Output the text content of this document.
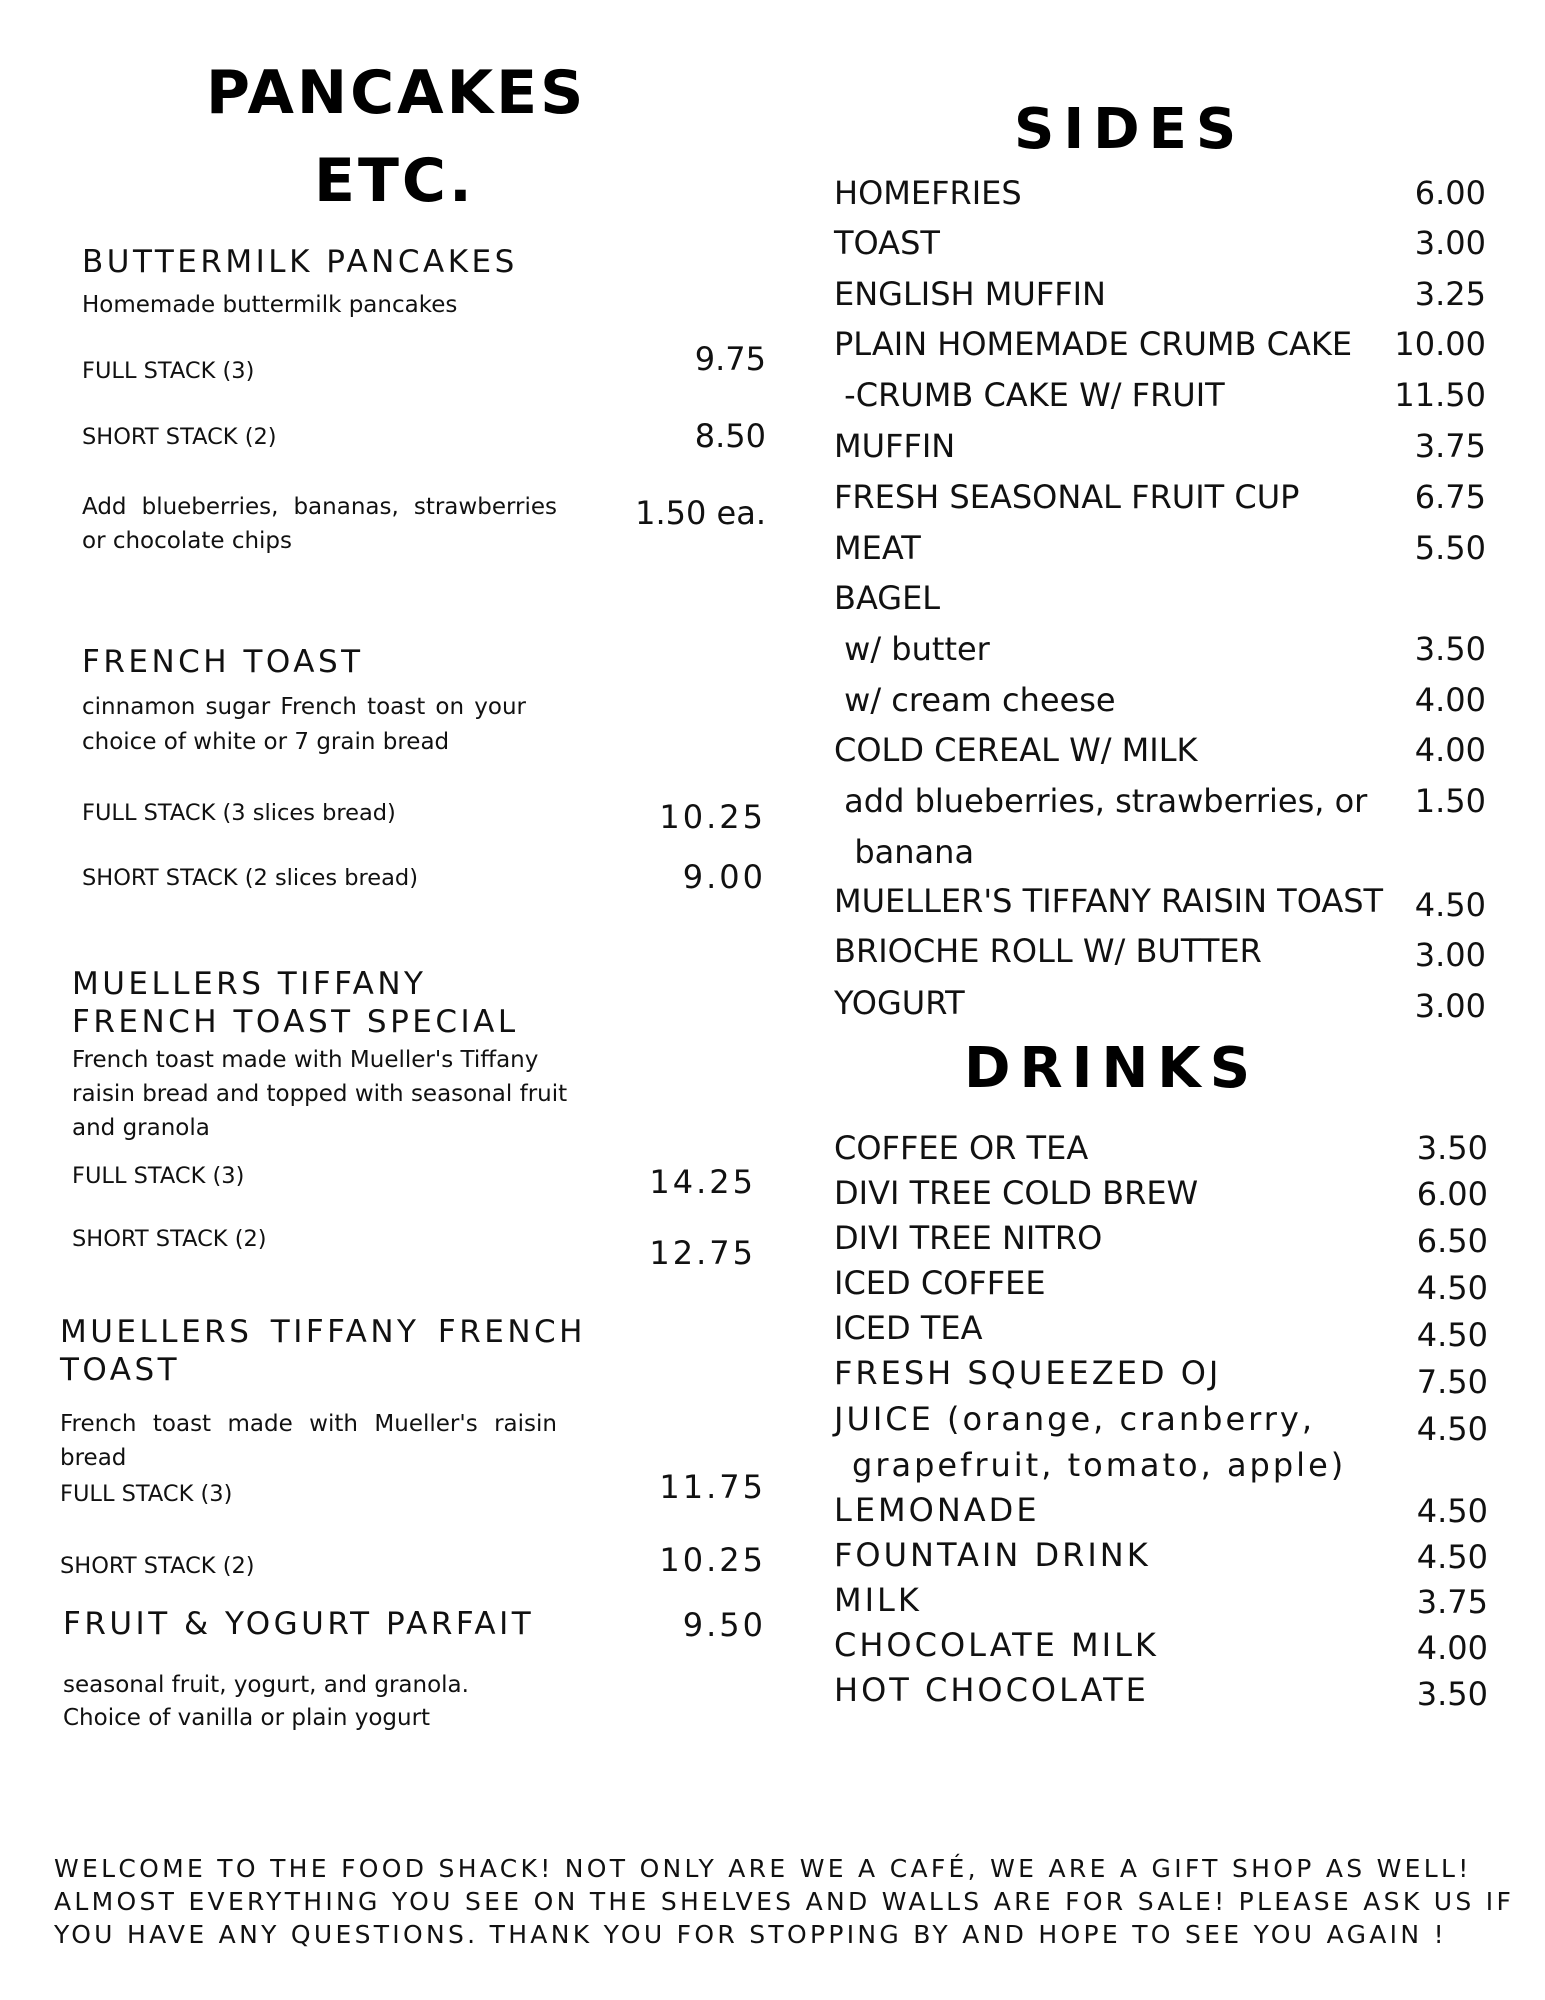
PANCAKES
ETC.
BUTTERMILK PANCAKES
Homemade buttermilk pancakes
FULL STACK (3)	9.75
SHORT STACK (2)	8.50
Add blueberries, bananas, strawberries
or chocolate chips
1.50 ea.
FRENCH TOAST
cinnamon sugar French toast on your
choice of white or 7 grain bread
FULL STACK (3 slices bread)	10.25
SHORT STACK (2 slices bread)	9.00
MUELLERS TIFFANY
FRENCH TOAST SPECIAL
French toast made with Mueller's Tiffany
raisin bread and topped with seasonal fruit
and granola
FULL STACK (3)	14.25
SHORT STACK (2)	12.75
MUELLERS TIFFANY FRENCH
TOAST
French toast made with Mueller's raisin
bread
FULL STACK (3)	11.75
SHORT STACK (2)	10.25
FRUIT & YOGURT PARFAIT	9.50
seasonal fruit, yogurt, and granola.
Choice of vanilla or plain yogurt
SIDES
HOMEFRIES	6.00
TOAST	3.00
ENGLISH MUFFIN	3.25
PLAIN HOMEMADE CRUMB CAKE	10.00
-CRUMB CAKE W/ FRUIT	11.50
MUFFIN	3.75
FRESH SEASONAL FRUIT CUP	6.75
MEAT	5.50
BAGEL
w/ butter	3.50
w/ cream cheese	4.00
COLD CEREAL W/ MILK	4.00
add blueberries, strawberries, or	1.50
banana
MUELLER'S TIFFANY RAISIN TOAST 4.50
BRIOCHE ROLL W/ BUTTER	3.00
YOGURT	3.00
DRINKS
COFFEE OR TEA	3.50
DIVI TREE COLD BREW	6.00
DIVI TREE NITRO	6.50
ICED COFFEE	4.50
ICED TEA	4.50
FRESH SQUEEZED OJ	7.50
JUICE (orange, cranberry,	4.50
grapefruit, tomato, apple)
LEMONADE	4.50
FOUNTAIN DRINK	4.50
MILK	3.75
CHOCOLATE MILK	4.00
HOT CHOCOLATE	3.50
WELCOME TO THE FOOD SHACK! NOT ONLY ARE WE A CAFÉ, WE ARE A GIFT SHOP AS WELL!
ALMOST EVERYTHING YOU SEE ON THE SHELVES AND WALLS ARE FOR SALE! PLEASE ASK US IF
YOU HAVE ANY QUESTIONS. THANK YOU FOR STOPPING BY AND HOPE TO SEE YOU AGAIN !
